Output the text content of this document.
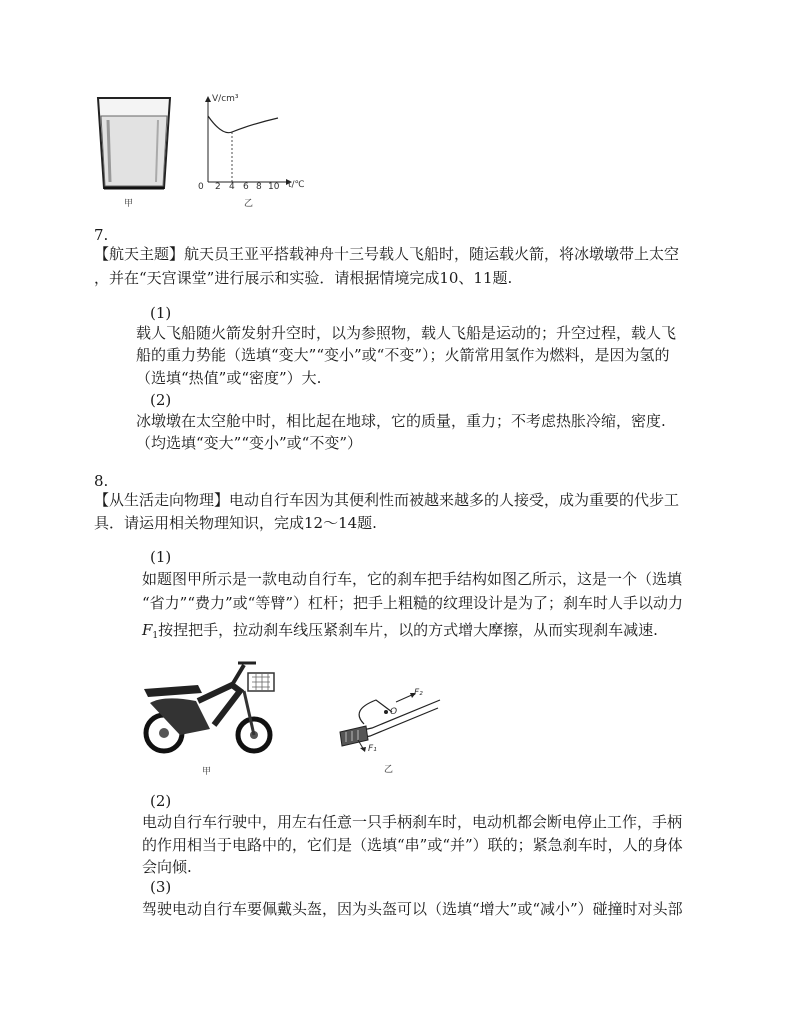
甲
V/cm³
t/℃
0 2 4 6 8 10
乙
7.
【航天主题】航天员王亚平搭载神舟十三号载人飞船时，随运载火箭，将冰墩墩带上太空
，并在“天宫课堂”进行展示和实验．请根据情境完成10、11题.
(1)
载人飞船随火箭发射升空时，以为参照物，载人飞船是运动的；升空过程，载人飞
船的重力势能（选填“变大”“变小”或“不变”）；火箭常用氢作为燃料，是因为氢的
（选填“热值”或“密度”）大.
(2)
冰墩墩在太空舱中时，相比起在地球，它的质量，重力；不考虑热胀冷缩，密度.
（均选填“变大”“变小”或“不变”）
8.
【从生活走向物理】电动自行车因为其便利性而被越来越多的人接受，成为重要的代步工
具．请运用相关物理知识，完成12～14题.
(1)
如题图甲所示是一款电动自行车，它的刹车把手结构如图乙所示，这是一个（选填
“省力”“费力”或“等臂”）杠杆；把手上粗糙的纹理设计是为了；刹车时人手以动力
$F_1$按捏把手，拉动刹车线压紧刹车片，以的方式增大摩擦，从而实现刹车减速.
甲
F₂
O
F₁
乙
(2)
电动自行车行驶中，用左右任意一只手柄刹车时，电动机都会断电停止工作，手柄
的作用相当于电路中的，它们是（选填“串”或“并”）联的；紧急刹车时，人的身体
会向倾.
(3)
驾驶电动自行车要佩戴头盔，因为头盔可以（选填“增大”或“减小”）碰撞时对头部
